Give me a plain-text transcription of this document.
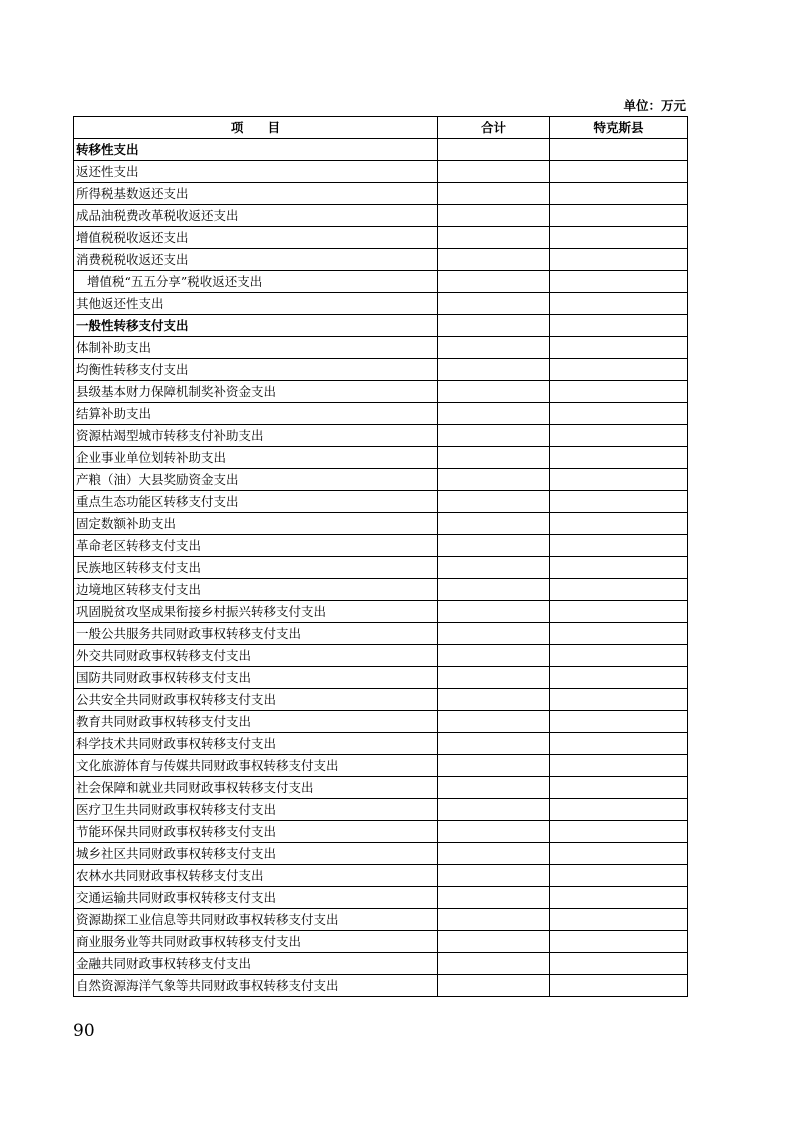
单位：万元
项 目	合计	特克斯县
转移性支出		
返还性支出		
所得税基数返还支出		
成品油税费改革税收返还支出		
增值税税收返还支出		
消费税税收返还支出		
增值税“五五分享”税收返还支出		
其他返还性支出		
一般性转移支付支出		
体制补助支出		
均衡性转移支付支出		
县级基本财力保障机制奖补资金支出		
结算补助支出		
资源枯竭型城市转移支付补助支出		
企业事业单位划转补助支出		
产粮（油）大县奖励资金支出		
重点生态功能区转移支付支出		
固定数额补助支出		
革命老区转移支付支出		
民族地区转移支付支出		
边境地区转移支付支出		
巩固脱贫攻坚成果衔接乡村振兴转移支付支出		
一般公共服务共同财政事权转移支付支出		
外交共同财政事权转移支付支出		
国防共同财政事权转移支付支出		
公共安全共同财政事权转移支付支出		
教育共同财政事权转移支付支出		
科学技术共同财政事权转移支付支出		
文化旅游体育与传媒共同财政事权转移支付支出		
社会保障和就业共同财政事权转移支付支出		
医疗卫生共同财政事权转移支付支出		
节能环保共同财政事权转移支付支出		
城乡社区共同财政事权转移支付支出		
农林水共同财政事权转移支付支出		
交通运输共同财政事权转移支付支出		
资源勘探工业信息等共同财政事权转移支付支出		
商业服务业等共同财政事权转移支付支出		
金融共同财政事权转移支付支出		
自然资源海洋气象等共同财政事权转移支付支出		
90
